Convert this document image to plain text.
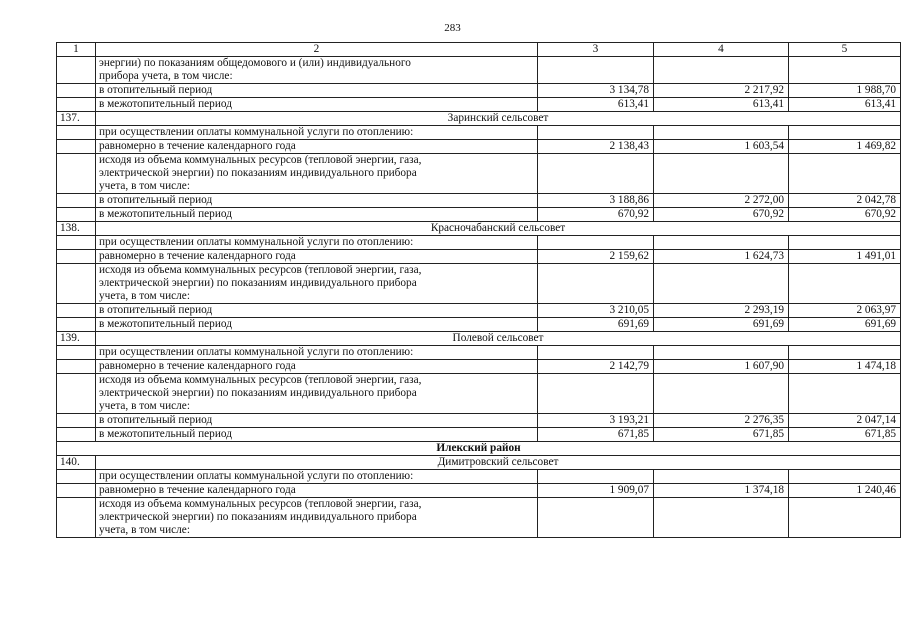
283
1	2	3	4	5

	энергии) по показаниям общедомового и (или) индивидуального
прибора учета, в том числе:			

	в отопительный период	3 134,78	2 217,92	1 988,70

	в межотопительный период	613,41	613,41	613,41
137.	Заринский сельсовет			

	при осуществлении оплаты коммунальной услуги по отоплению:			

	равномерно в течение календарного года	2 138,43	1 603,54	1 469,82

	исходя из объема коммунальных ресурсов (тепловой энергии, газа,
электрической энергии) по показаниям индивидуального прибора
учета, в том числе:			

	в отопительный период	3 188,86	2 272,00	2 042,78

	в межотопительный период	670,92	670,92	670,92
138.	Красночабанский сельсовет			

	при осуществлении оплаты коммунальной услуги по отоплению:			

	равномерно в течение календарного года	2 159,62	1 624,73	1 491,01

	исходя из объема коммунальных ресурсов (тепловой энергии, газа,
электрической энергии) по показаниям индивидуального прибора
учета, в том числе:			

	в отопительный период	3 210,05	2 293,19	2 063,97

	в межотопительный период	691,69	691,69	691,69
139.	Полевой сельсовет			

	при осуществлении оплаты коммунальной услуги по отоплению:			

	равномерно в течение календарного года	2 142,79	1 607,90	1 474,18

	исходя из объема коммунальных ресурсов (тепловой энергии, газа,
электрической энергии) по показаниям индивидуального прибора
учета, в том числе:			

	в отопительный период	3 193,21	2 276,35	2 047,14

	в межотопительный период	671,85	671,85	671,85
Илекский район				
140.	Димитровский сельсовет			

	при осуществлении оплаты коммунальной услуги по отоплению:			

	равномерно в течение календарного года	1 909,07	1 374,18	1 240,46

	исходя из объема коммунальных ресурсов (тепловой энергии, газа,
электрической энергии) по показаниям индивидуального прибора
учета, в том числе:			
